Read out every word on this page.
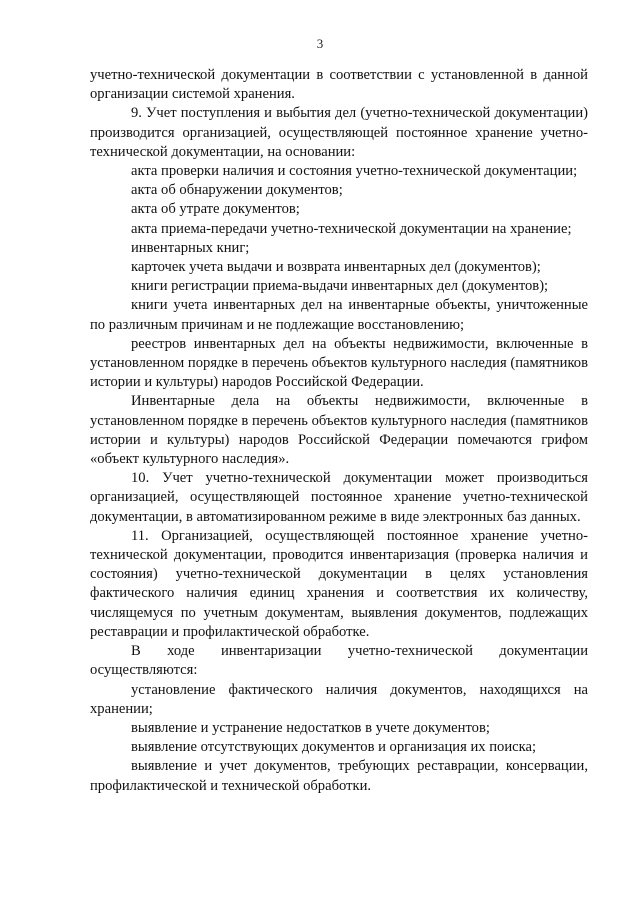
3

учетно-технической документации в соответствии с установленной в данной организации системой хранения.

9. Учет поступления и выбытия дел (учетно-технической документации) производится организацией, осуществляющей постоянное хранение учетно-технической документации, на основании:

акта проверки наличия и состояния учетно-технической документации;

акта об обнаружении документов;

акта об утрате документов;

акта приема-передачи учетно-технической документации на хранение;

инвентарных книг;

карточек учета выдачи и возврата инвентарных дел (документов);

книги регистрации приема-выдачи инвентарных дел (документов);

книги учета инвентарных дел на инвентарные объекты, уничтоженные по различным причинам и не подлежащие восстановлению;

реестров инвентарных дел на объекты недвижимости, включенные в установленном порядке в перечень объектов культурного наследия (памятников истории и культуры) народов Российской Федерации.

Инвентарные дела на объекты недвижимости, включенные в установленном порядке в перечень объектов культурного наследия (памятников истории и культуры) народов Российской Федерации помечаются грифом «объект культурного наследия».

10. Учет учетно-технической документации может производиться организацией, осуществляющей постоянное хранение учетно-технической документации, в автоматизированном режиме в виде электронных баз данных.

11. Организацией, осуществляющей постоянное хранение учетно-технической документации, проводится инвентаризация (проверка наличия и состояния) учетно-технической документации в целях установления фактического наличия единиц хранения и соответствия их количеству, числящемуся по учетным документам, выявления документов, подлежащих реставрации и профилактической обработке.

В ходе инвентаризации учетно-технической документации осуществляются:

установление фактического наличия документов, находящихся на хранении;

выявление и устранение недостатков в учете документов;

выявление отсутствующих документов и организация их поиска;

выявление и учет документов, требующих реставрации, консервации, профилактической и технической обработки.
